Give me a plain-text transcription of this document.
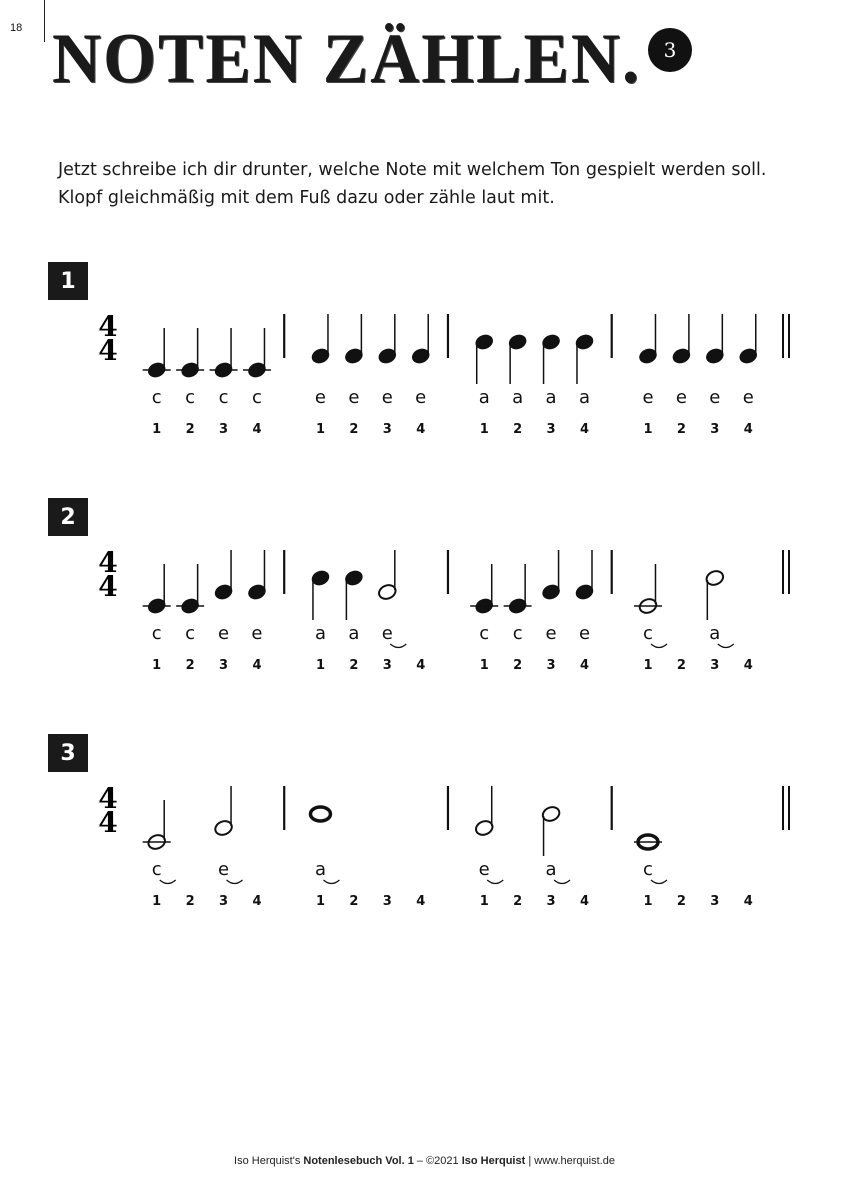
18 NOTEN ZÄHLEN.	3

Jetzt schreibe ich dir drunter, welche Note mit welchem Ton gespielt werden soll.

Klopf gleichmäßig mit dem Fuß dazu oder zähle laut mit.

1
4
4
c
1
c
2
c
3
c
4
e
1
e
2
e
3
e
4
a
1
a
2
a
3
a
4
e
1
e
2
e
3
e
4
2
4
4
c
1
c
2
e
3
e
4
a
1
a
2
e
3 4
c
1
c
2
e
3
e
4
c
1 2
a
3 4
3
4
4
c
1 2
e
3 4
a
1 2 3 4
e
1 2
a
3 4
c
1 2 3 4
Iso Herquist's Notenlesebuch Vol. 1 – ©2021 Iso Herquist | www.herquist.de
